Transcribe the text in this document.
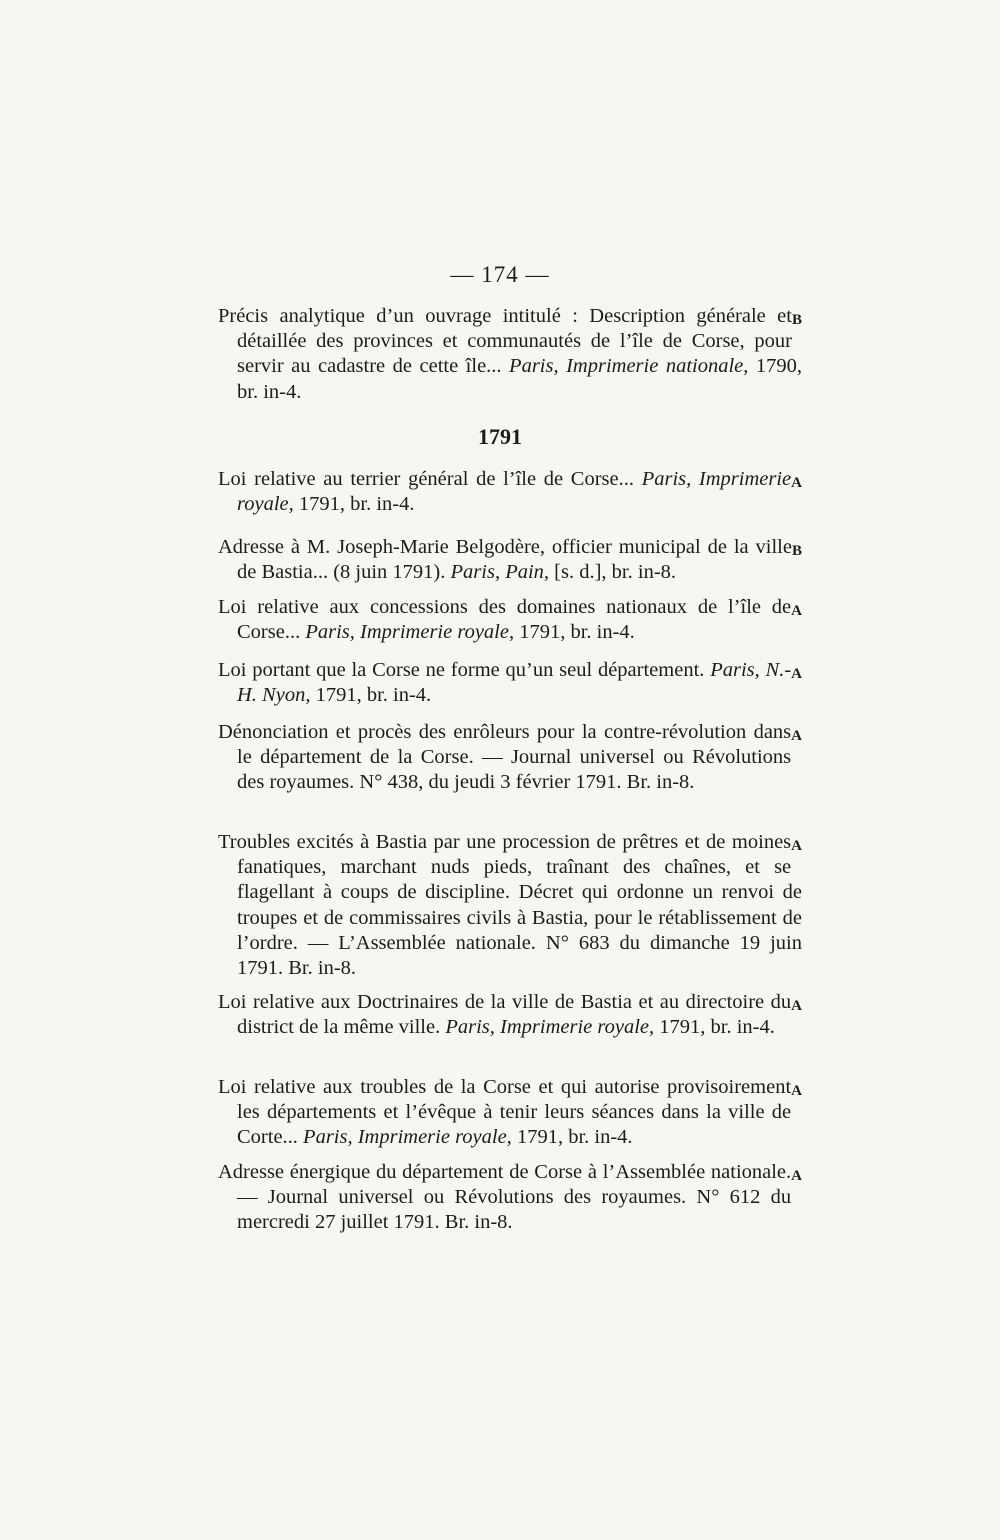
— 174 —
B
Précis analytique d’un ouvrage intitulé : Description générale et détaillée des provinces et communautés de l’île de Corse, pour servir au cadastre de cette île... Paris, Imprimerie nationale, 1790, br. in-4.
1791
A
Loi relative au terrier général de l’île de Corse... Paris, Imprimerie royale, 1791, br. in-4.
B
Adresse à M. Joseph-Marie Belgodère, officier municipal de la ville de Bastia... (8 juin 1791). Paris, Pain, [s. d.], br. in-8.
A
Loi relative aux concessions des domaines nationaux de l’île de Corse... Paris, Imprimerie royale, 1791, br. in-4.
A
Loi portant que la Corse ne forme qu’un seul département. Paris, N.-H. Nyon, 1791, br. in-4.
A
Dénonciation et procès des enrôleurs pour la contre-révolution dans le département de la Corse. — Journal universel ou Révolutions des royaumes. N° 438, du jeudi 3 février 1791. Br. in-8.
A
Troubles excités à Bastia par une procession de prêtres et de moines fanatiques, marchant nuds pieds, traînant des chaînes, et se flagellant à coups de discipline. Décret qui ordonne un renvoi de troupes et de commissaires civils à Bastia, pour le rétablissement de l’ordre. — L’Assemblée nationale. N° 683 du dimanche 19 juin 1791. Br. in-8.
A
Loi relative aux Doctrinaires de la ville de Bastia et au directoire du district de la même ville. Paris, Imprimerie royale, 1791, br. in-4.
A
Loi relative aux troubles de la Corse et qui autorise provisoirement les départements et l’évêque à tenir leurs séances dans la ville de Corte... Paris, Imprimerie royale, 1791, br. in-4.
A
Adresse énergique du département de Corse à l’Assemblée nationale. — Journal universel ou Révolutions des royaumes. N° 612 du mercredi 27 juillet 1791. Br. in-8.
